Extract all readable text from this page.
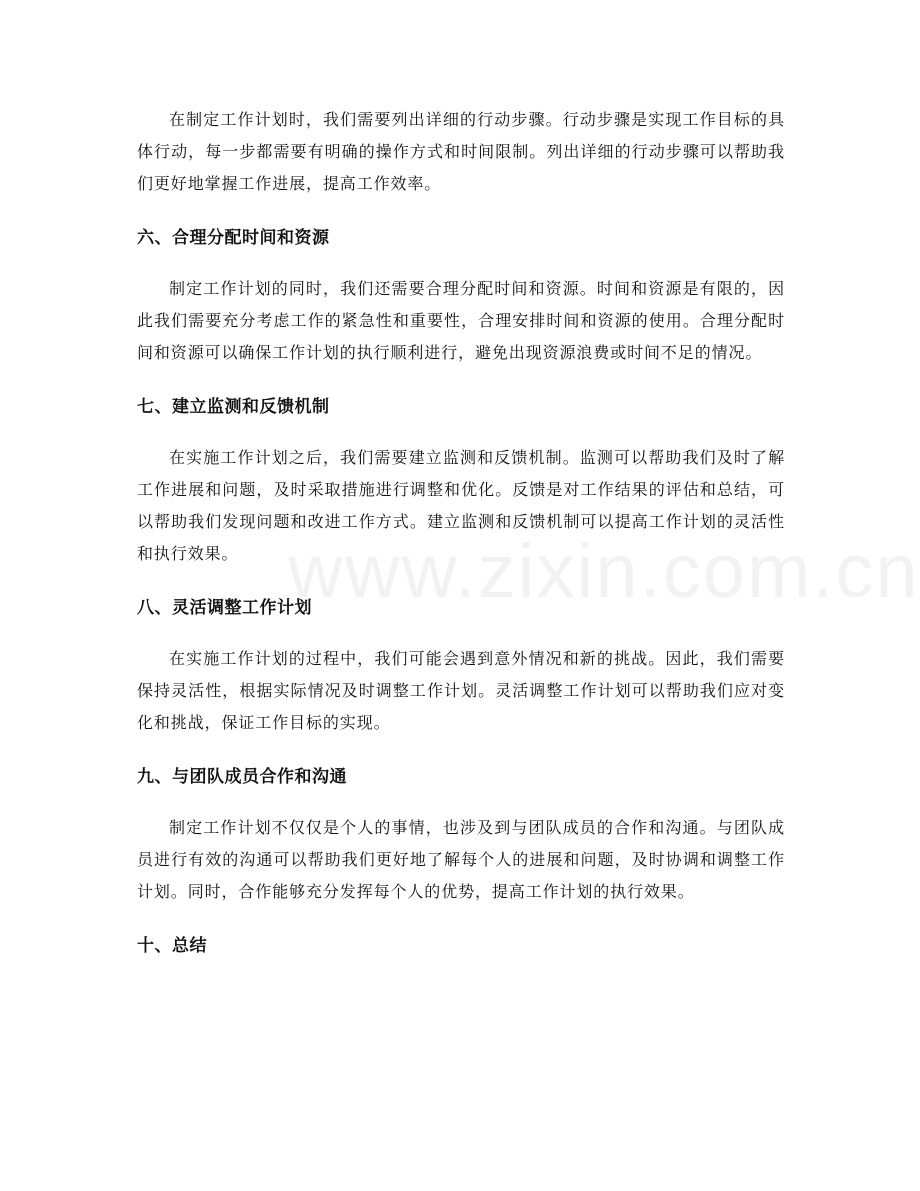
在制定工作计划时，我们需要列出详细的行动步骤。行动步骤是实现工作目标的具体行动，每一步都需要有明确的操作方式和时间限制。列出详细的行动步骤可以帮助我们更好地掌握工作进展，提高工作效率。

六、合理分配时间和资源

制定工作计划的同时，我们还需要合理分配时间和资源。时间和资源是有限的，因此我们需要充分考虑工作的紧急性和重要性，合理安排时间和资源的使用。合理分配时间和资源可以确保工作计划的执行顺利进行，避免出现资源浪费或时间不足的情况。

七、建立监测和反馈机制

在实施工作计划之后，我们需要建立监测和反馈机制。监测可以帮助我们及时了解工作进展和问题，及时采取措施进行调整和优化。反馈是对工作结果的评估和总结，可以帮助我们发现问题和改进工作方式。建立监测和反馈机制可以提高工作计划的灵活性和执行效果。

八、灵活调整工作计划

在实施工作计划的过程中，我们可能会遇到意外情况和新的挑战。因此，我们需要保持灵活性，根据实际情况及时调整工作计划。灵活调整工作计划可以帮助我们应对变化和挑战，保证工作目标的实现。

九、与团队成员合作和沟通

制定工作计划不仅仅是个人的事情，也涉及到与团队成员的合作和沟通。与团队成员进行有效的沟通可以帮助我们更好地了解每个人的进展和问题，及时协调和调整工作计划。同时，合作能够充分发挥每个人的优势，提高工作计划的执行效果。

十、总结
www.zixin.com.cn
